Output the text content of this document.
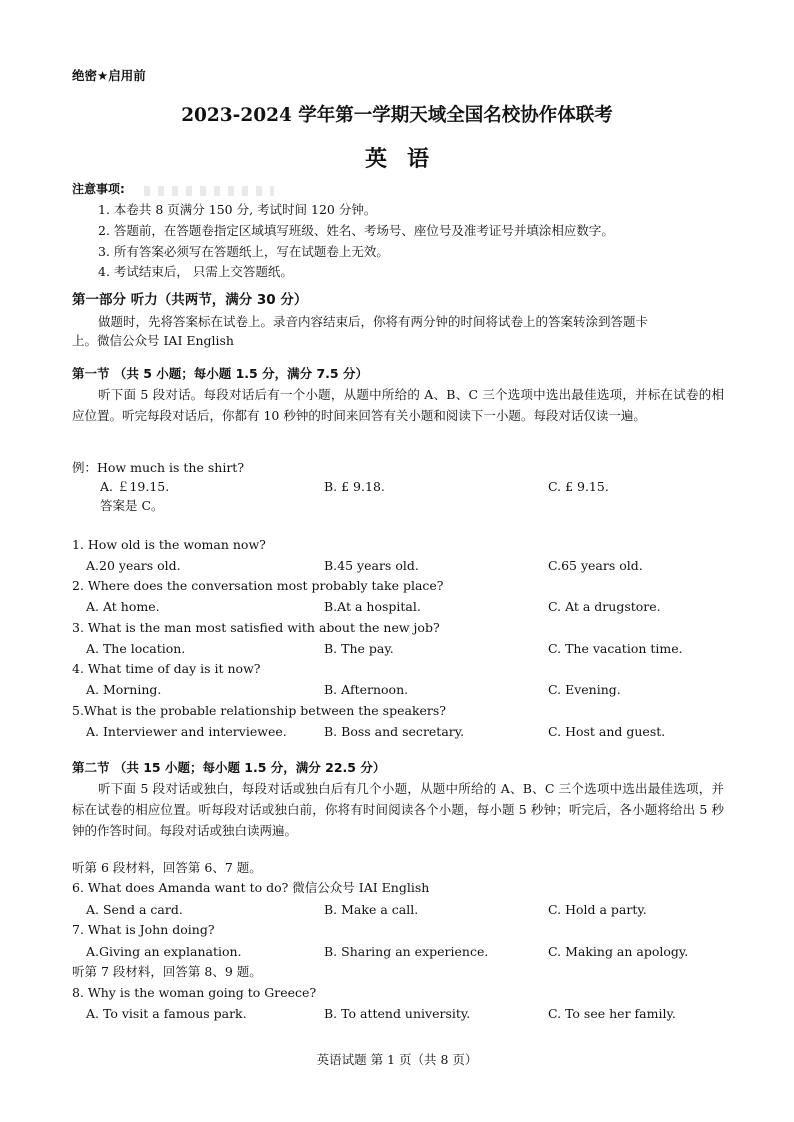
绝密★启用前
2023-2024 学年第一学期天域全国名校协作体联考
英 语
注意事项:
1. 本卷共 8 页满分 150 分, 考试时间 120 分钟。
2. 答题前，在答题卷指定区域填写班级、姓名、考场号、座位号及准考证号并填涂相应数字。
3. 所有答案必须写在答题纸上，写在试题卷上无效。
4. 考试结束后， 只需上交答题纸。
第一部分 听力（共两节，满分 30 分）
做题时，先将答案标在试卷上。录音内容结束后，你将有两分钟的时间将试卷上的答案转涂到答题卡
上。微信公众号 IAI English
第一节 （共 5 小题；每小题 1.5 分，满分 7.5 分）
听下面 5 段对话。每段对话后有一个小题，从题中所给的 A、B、C 三个选项中选出最佳选项，并标在试卷的相应位置。听完每段对话后，你都有 10 秒钟的时间来回答有关小题和阅读下一小题。每段对话仅读一遍。
例：How much is the shirt?
A. ￡19.15.	B. £ 9.18.	C. £ 9.15.
答案是 C。
1. How old is the woman now?
A.20 years old.	B.45 years old.	C.65 years old.
2. Where does the conversation most probably take place?
A. At home.	B.At a hospital.	C. At a drugstore.
3. What is the man most satisfied with about the new job?
A. The location.	B. The pay.	C. The vacation time.
4. What time of day is it now?
A. Morning.	B. Afternoon.	C. Evening.
5.What is the probable relationship between the speakers?
A. Interviewer and interviewee.	B. Boss and secretary.	C. Host and guest.
第二节 （共 15 小题；每小题 1.5 分，满分 22.5 分）
听下面 5 段对话或独白，每段对话或独白后有几个小题，从题中所给的 A、B、C 三个选项中选出最佳选项，并标在试卷的相应位置。听每段对话或独白前，你将有时间阅读各个小题，每小题 5 秒钟；听完后，各小题将给出 5 秒钟的作答时间。每段对话或独白读两遍。
听第 6 段材料，回答第 6、7 题。
6. What does Amanda want to do? 微信公众号 IAI English
A. Send a card.	B. Make a call.	C. Hold a party.
7. What is John doing?
A.Giving an explanation.	B. Sharing an experience.	C. Making an apology.
听第 7 段材料，回答第 8、9 题。
8. Why is the woman going to Greece?
A. To visit a famous park.	B. To attend university.	C. To see her family.
英语试题 第 1 页（共 8 页）
